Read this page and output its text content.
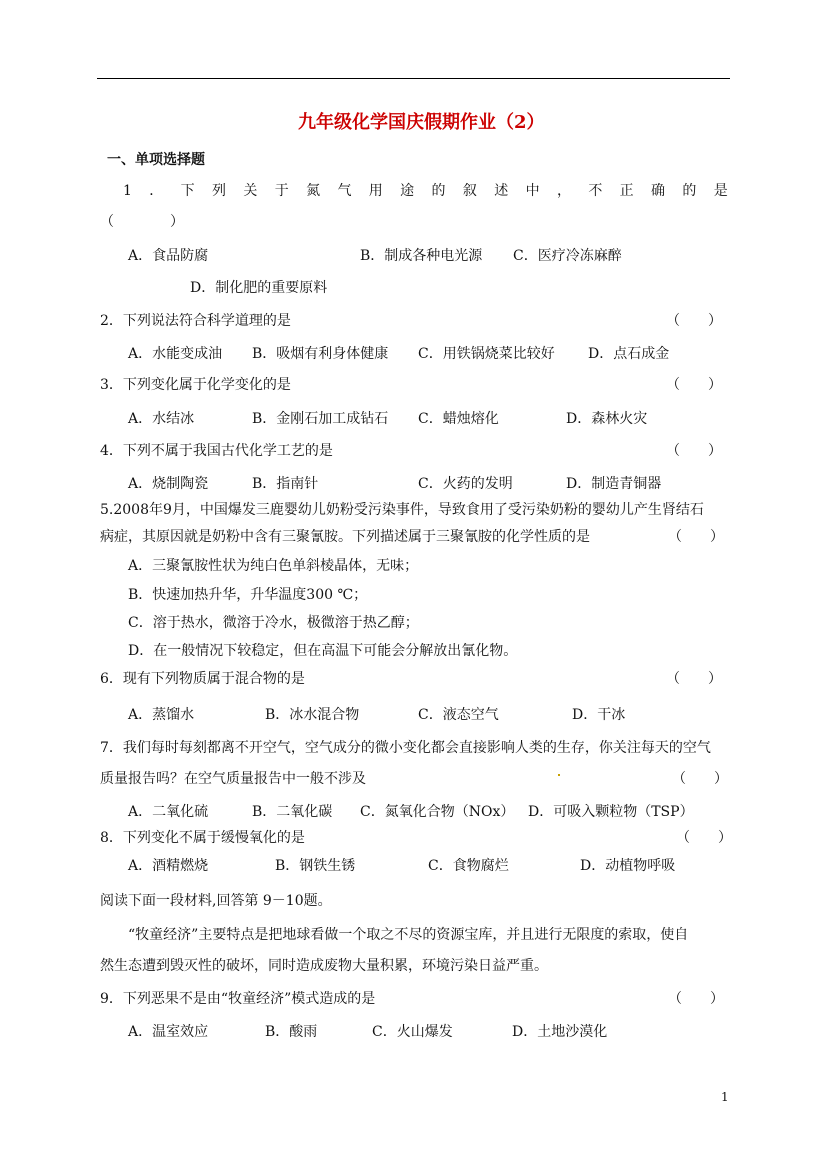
九年级化学国庆假期作业（2）
一、单项选择题
1 ． 下 列 关 于 氮 气 用 途 的 叙 述 中 ， 不 正 确 的 是
（　　　　）
A．食品防腐	B．制成各种电光源 C．医疗冷冻麻醉
D．制化肥的重要原料
2．下列说法符合科学道理的是	（　　）
A．水能变成油 B．吸烟有利身体健康 C．用铁锅烧菜比较好 D．点石成金
3．下列变化属于化学变化的是	（　　）
A．水结冰	B．金刚石加工成钻石 C．蜡烛熔化	D．森林火灾
4．下列不属于我国古代化学工艺的是	（　　）
A．烧制陶瓷	B．指南针	C．火药的发明	D．制造青铜器
5.2008年9月，中国爆发三鹿婴幼儿奶粉受污染事件，导致食用了受污染奶粉的婴幼儿产生肾结石
病症，其原因就是奶粉中含有三聚氰胺。下列描述属于三聚氰胺的化学性质的是	（　　）
A．三聚氰胺性状为纯白色单斜棱晶体，无味；
B．快速加热升华，升华温度300 ℃；
C．溶于热水，微溶于冷水，极微溶于热乙醇；
D．在一般情况下较稳定，但在高温下可能会分解放出氰化物。
6．现有下列物质属于混合物的是	（　　）
A．蒸馏水	B．冰水混合物	C．液态空气	D．干冰
7．我们每时每刻都离不开空气，空气成分的微小变化都会直接影响人类的生存，你关注每天的空气
质量报告吗？在空气质量报告中一般不涉及	（　　）
A．二氧化硫	B．二氧化碳 C．氮氧化合物（NOx） D．可吸入颗粒物（TSP）
8．下列变化不属于缓慢氧化的是	（　　）
A．酒精燃烧	B．钢铁生锈	C．食物腐烂	D．动植物呼吸
阅读下面一段材料,回答第 9－10题。
“牧童经济”主要特点是把地球看做一个取之不尽的资源宝库，并且进行无限度的索取，使自
然生态遭到毁灭性的破坏，同时造成废物大量积累，环境污染日益严重。
9．下列恶果不是由“牧童经济”模式造成的是	（　　）
A．温室效应	B．酸雨	C．火山爆发	D．土地沙漠化
1
